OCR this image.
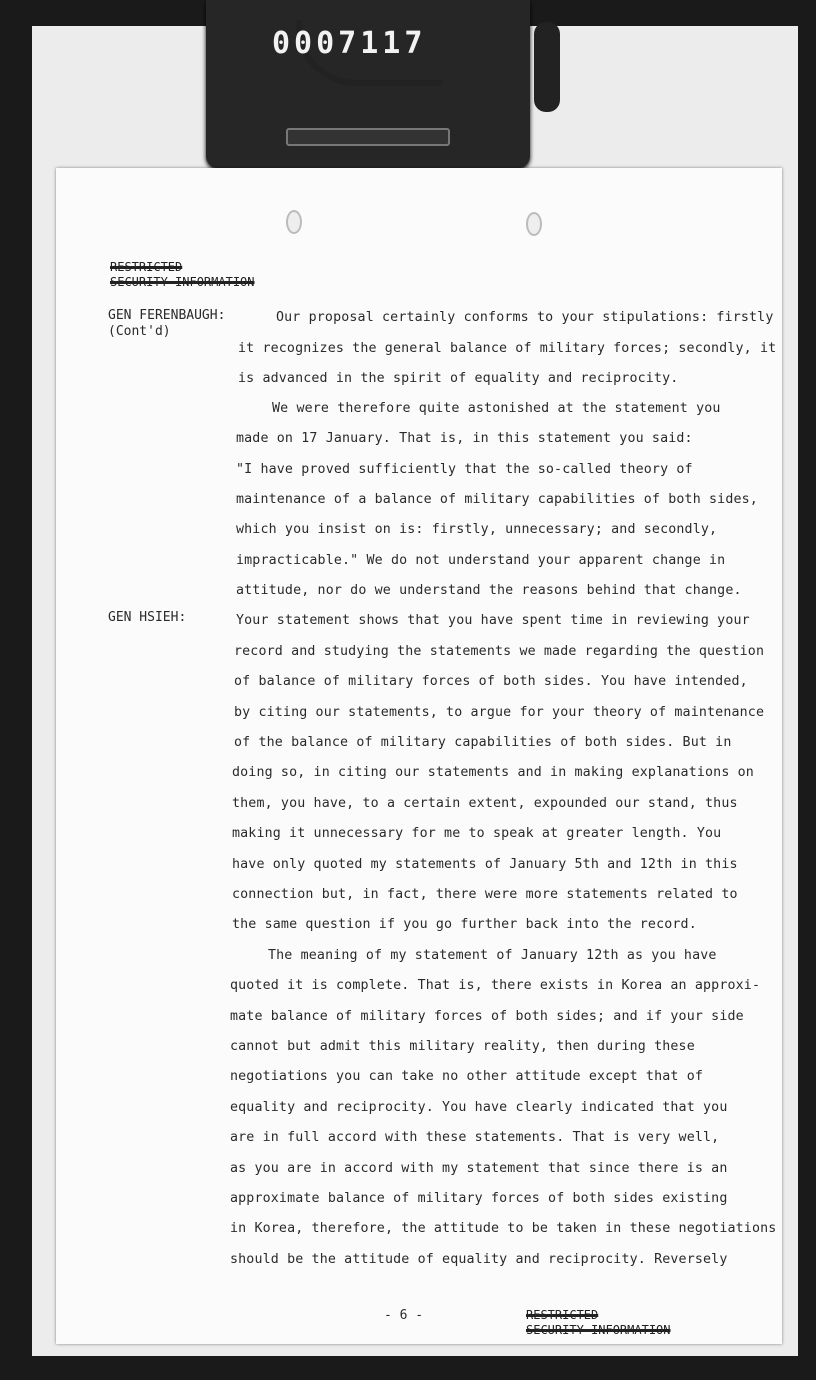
0007117
RESTRICTED
SECURITY INFORMATION
GEN FERENBAUGH:
(Cont'd)
GEN HSIEH:
Our proposal certainly conforms to your stipulations: firstly
it recognizes the general balance of military forces; secondly, it
is advanced in the spirit of equality and reciprocity.
We were therefore quite astonished at the statement you
made on 17 January. That is, in this statement you said:
"I have proved sufficiently that the so-called theory of
maintenance of a balance of military capabilities of both sides,
which you insist on is: firstly, unnecessary; and secondly,
impracticable." We do not understand your apparent change in
attitude, nor do we understand the reasons behind that change.
Your statement shows that you have spent time in reviewing your
record and studying the statements we made regarding the question
of balance of military forces of both sides. You have intended,
by citing our statements, to argue for your theory of maintenance
of the balance of military capabilities of both sides. But in
doing so, in citing our statements and in making explanations on
them, you have, to a certain extent, expounded our stand, thus
making it unnecessary for me to speak at greater length. You
have only quoted my statements of January 5th and 12th in this
connection but, in fact, there were more statements related to
the same question if you go further back into the record.
The meaning of my statement of January 12th as you have
quoted it is complete. That is, there exists in Korea an approxi-
mate balance of military forces of both sides; and if your side
cannot but admit this military reality, then during these
negotiations you can take no other attitude except that of
equality and reciprocity. You have clearly indicated that you
are in full accord with these statements. That is very well,
as you are in accord with my statement that since there is an
approximate balance of military forces of both sides existing
in Korea, therefore, the attitude to be taken in these negotiations
should be the attitude of equality and reciprocity. Reversely
- 6 -	RESTRICTED
SECURITY INFORMATION
